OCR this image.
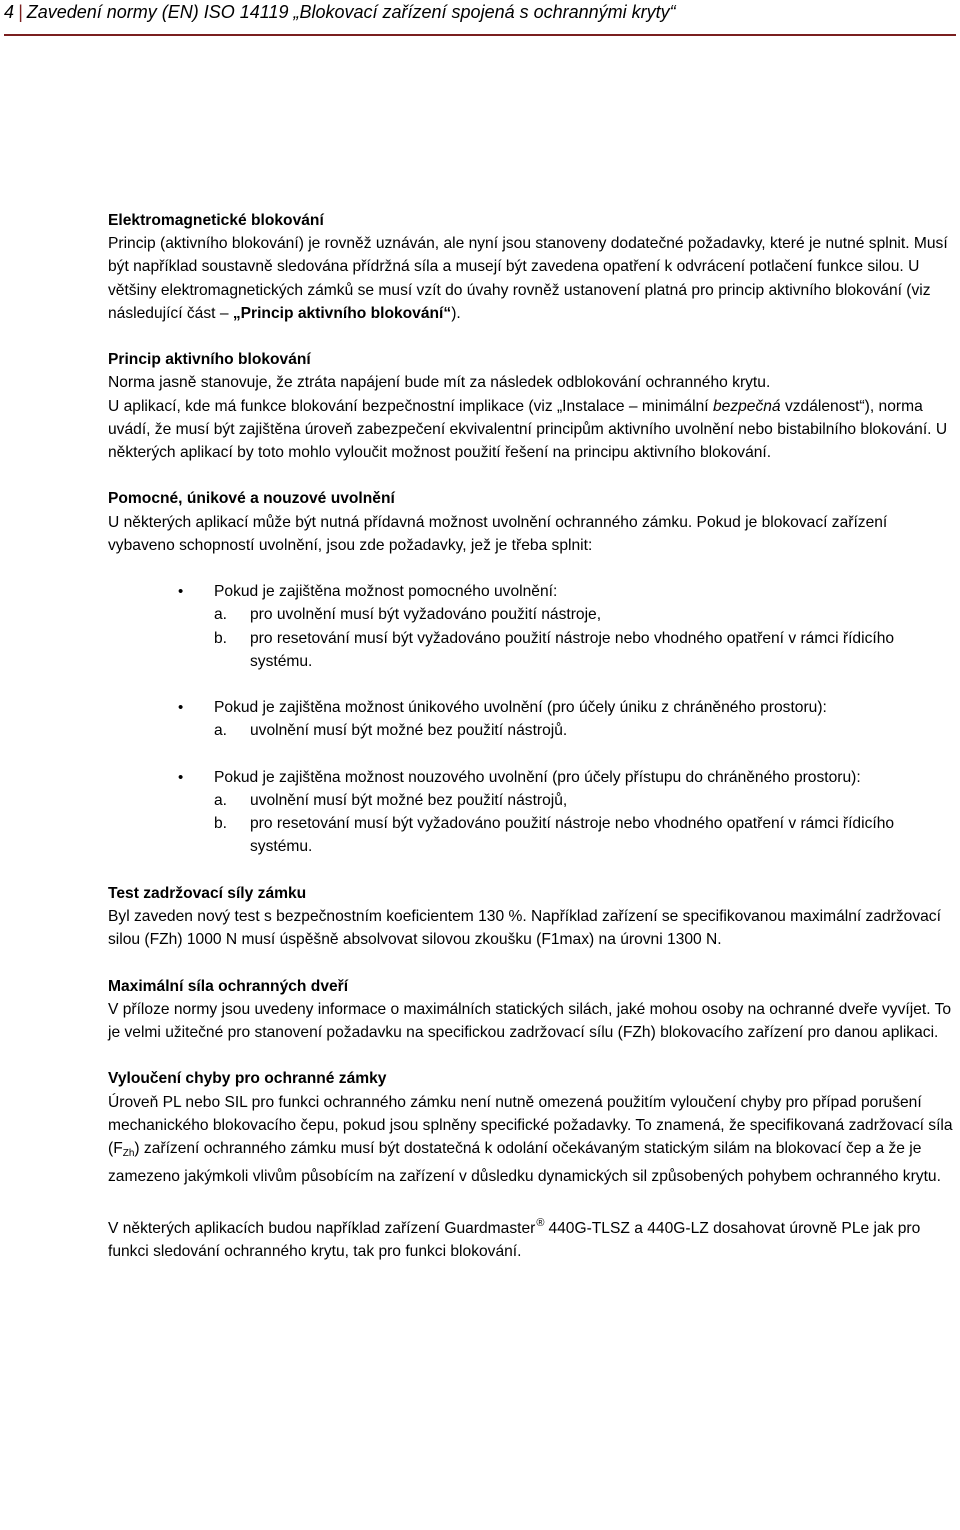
4 | Zavedení normy (EN) ISO 14119 „Blokovací zařízení spojená s ochrannými kryty“
Elektromagnetické blokování

Princip (aktivního blokování) je rovněž uznáván, ale nyní jsou stanoveny dodatečné požadavky, které je nutné splnit. Musí být například soustavně sledována přídržná síla a musejí být zavedena opatření k odvrácení potlačení funkce silou. U většiny elektromagnetických zámků se musí vzít do úvahy rovněž ustanovení platná pro princip aktivního blokování (viz následující část – „Princip aktivního blokování“).

Princip aktivního blokování

Norma jasně stanovuje, že ztráta napájení bude mít za následek odblokování ochranného krytu.

U aplikací, kde má funkce blokování bezpečnostní implikace (viz „Instalace – minimální bezpečná vzdálenost“), norma uvádí, že musí být zajištěna úroveň zabezpečení ekvivalentní principům aktivního uvolnění nebo bistabilního blokování. U některých aplikací by toto mohlo vyloučit možnost použití řešení na principu aktivního blokování.

Pomocné, únikové a nouzové uvolnění

U některých aplikací může být nutná přídavná možnost uvolnění ochranného zámku. Pokud je blokovací zařízení vybaveno schopností uvolnění, jsou zde požadavky, jež je třeba splnit:

• Pokud je zajištěna možnost pomocného uvolnění:
a. pro uvolnění musí být vyžadováno použití nástroje,
b. pro resetování musí být vyžadováno použití nástroje nebo vhodného opatření v rámci řídicího systému.
• Pokud je zajištěna možnost únikového uvolnění (pro účely úniku z chráněného prostoru):
a. uvolnění musí být možné bez použití nástrojů.
• Pokud je zajištěna možnost nouzového uvolnění (pro účely přístupu do chráněného prostoru):
a. uvolnění musí být možné bez použití nástrojů,
b. pro resetování musí být vyžadováno použití nástroje nebo vhodného opatření v rámci řídicího systému.
Test zadržovací síly zámku

Byl zaveden nový test s bezpečnostním koeficientem 130 %. Například zařízení se specifikovanou maximální zadržovací silou (FZh) 1000 N musí úspěšně absolvovat silovou zkoušku (F1max) na úrovni 1300 N.

Maximální síla ochranných dveří

V příloze normy jsou uvedeny informace o maximálních statických silách, jaké mohou osoby na ochranné dveře vyvíjet. To je velmi užitečné pro stanovení požadavku na specifickou zadržovací sílu (FZh) blokovacího zařízení pro danou aplikaci.

Vyloučení chyby pro ochranné zámky

Úroveň PL nebo SIL pro funkci ochranného zámku není nutně omezená použitím vyloučení chyby pro případ porušení mechanického blokovacího čepu, pokud jsou splněny specifické požadavky. To znamená, že specifikovaná zadržovací síla $(F_{Zh})$ zařízení ochranného zámku musí být dostatečná k odolání očekávaným statickým silám na blokovací čep a že je zamezeno jakýmkoli vlivům působícím na zařízení v důsledku dynamických sil způsobených pohybem ochranného krytu.

V některých aplikacích budou například zařízení Guardmaster® 440G-TLSZ a 440G-LZ dosahovat úrovně PLe jak pro funkci sledování ochranného krytu, tak pro funkci blokování.
